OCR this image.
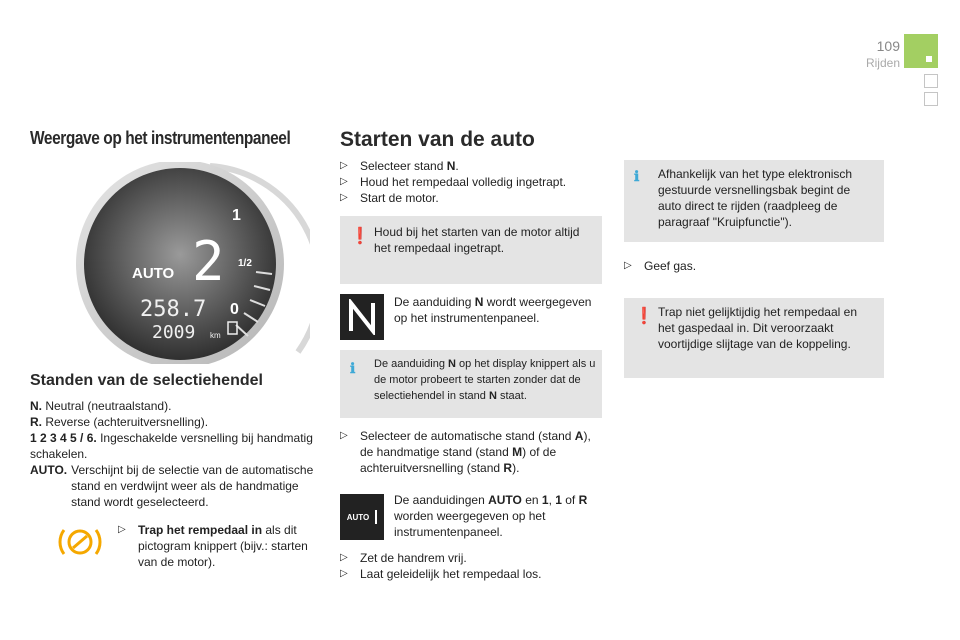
109
Rijden
Weergave op het instrumentenpaneel
1
1/2
0
AUTO 2
258.7
2009 km
Standen van de selectiehendel
N. Neutral (neutraalstand).
R. Reverse (achteruitversnelling).
1 2 3 4 5 / 6. Ingeschakelde versnelling bij handmatig schakelen.
AUTO. Verschijnt bij de selectie van de automatische stand en verdwijnt weer als de handmatige stand wordt geselecteerd.
▷	Trap het rempedaal in als dit pictogram knippert (bijv.: starten van de motor).
Starten van de auto
▷	Selecteer stand N.
▷	Houd het rempedaal volledig ingetrapt.
▷	Start de motor.
❗ Houd bij het starten van de motor altijd het rempedaal ingetrapt.
De aanduiding N wordt weergegeven op het instrumentenpaneel.
ℹ De aanduiding N op het display knippert als u de motor probeert te starten zonder dat de selectiehendel in stand N staat.
▷	Selecteer de automatische stand (stand A), de handmatige stand (stand M) of de achteruitversnelling (stand R).
AUTO
De aanduidingen AUTO en 1, 1 of R worden weergegeven op het instrumentenpaneel.
▷	Zet de handrem vrij.
▷	Laat geleidelijk het rempedaal los.
ℹ Afhankelijk van het type elektronisch gestuurde versnellingsbak begint de auto direct te rijden (raadpleeg de paragraaf "Kruipfunctie").
▷	Geef gas.
❗ Trap niet gelijktijdig het rempedaal en het gaspedaal in. Dit veroorzaakt voortijdige slijtage van de koppeling.
